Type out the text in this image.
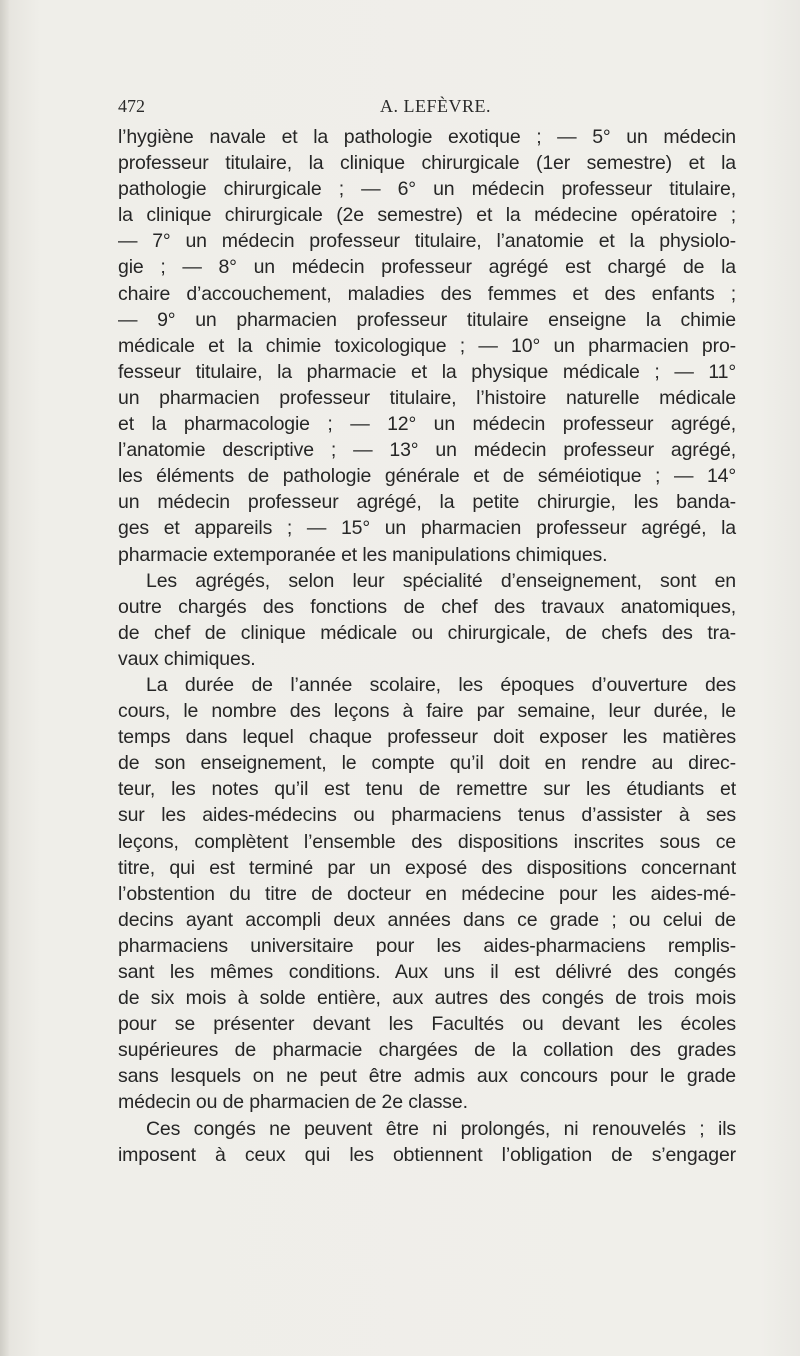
472	A. LEFÈVRE.
l’hygiène navale et la pathologie exotique ; — 5° un médecin
professeur titulaire, la clinique chirurgicale (1er semestre) et la
pathologie chirurgicale ; — 6° un médecin professeur titulaire,
la clinique chirurgicale (2e semestre) et la médecine opératoire ;
— 7° un médecin professeur titulaire, l’anatomie et la physiolo-
gie ; — 8° un médecin professeur agrégé est chargé de la
chaire d’accouchement, maladies des femmes et des enfants ;
— 9° un pharmacien professeur titulaire enseigne la chimie
médicale et la chimie toxicologique ; — 10° un pharmacien pro-
fesseur titulaire, la pharmacie et la physique médicale ; — 11°
un pharmacien professeur titulaire, l’histoire naturelle médicale
et la pharmacologie ; — 12° un médecin professeur agrégé,
l’anatomie descriptive ; — 13° un médecin professeur agrégé,
les éléments de pathologie générale et de séméiotique ; — 14°
un médecin professeur agrégé, la petite chirurgie, les banda-
ges et appareils ; — 15° un pharmacien professeur agrégé, la
pharmacie extemporanée et les manipulations chimiques.
Les agrégés, selon leur spécialité d’enseignement, sont en
outre chargés des fonctions de chef des travaux anatomiques,
de chef de clinique médicale ou chirurgicale, de chefs des tra-
vaux chimiques.
La durée de l’année scolaire, les époques d’ouverture des
cours, le nombre des leçons à faire par semaine, leur durée, le
temps dans lequel chaque professeur doit exposer les matières
de son enseignement, le compte qu’il doit en rendre au direc-
teur, les notes qu’il est tenu de remettre sur les étudiants et
sur les aides-médecins ou pharmaciens tenus d’assister à ses
leçons, complètent l’ensemble des dispositions inscrites sous ce
titre, qui est terminé par un exposé des dispositions concernant
l’obstention du titre de docteur en médecine pour les aides-mé-
decins ayant accompli deux années dans ce grade ; ou celui de
pharmaciens universitaire pour les aides-pharmaciens remplis-
sant les mêmes conditions. Aux uns il est délivré des congés
de six mois à solde entière, aux autres des congés de trois mois
pour se présenter devant les Facultés ou devant les écoles
supérieures de pharmacie chargées de la collation des grades
sans lesquels on ne peut être admis aux concours pour le grade
médecin ou de pharmacien de 2e classe.
Ces congés ne peuvent être ni prolongés, ni renouvelés ; ils
imposent à ceux qui les obtiennent l’obligation de s’engager
